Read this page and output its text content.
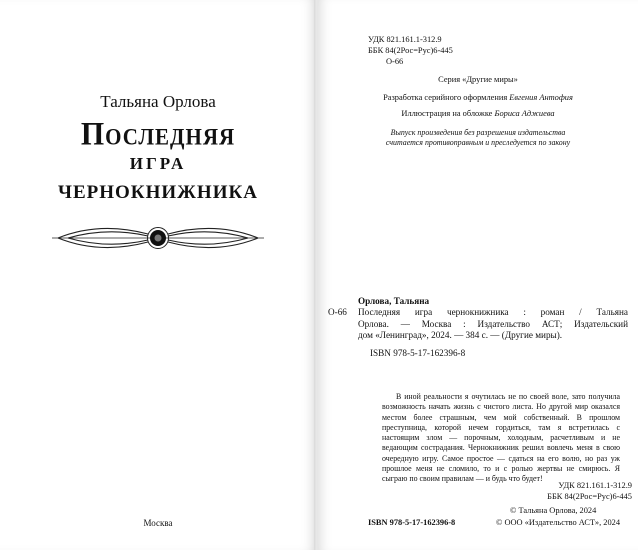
Тальяна Орлова
Последняя
игра
чернокнижника
Москва
УДК 821.161.1-312.9
ББК 84(2Рос=Рус)6-445
О-66
Серия «Другие миры»
Разработка серийного оформления Евгения Антофия
Иллюстрация на обложке Бориса Аджиева
Выпуск произведения без разрешения издательства
считается противоправным и преследуется по закону
Орлова, Тальяна
О-66	Последняя игра чернокнижника : роман / Тальяна
Орлова. — Москва : Издательство АСТ; Издательский
дом «Ленинград», 2024. — 384 с. — (Другие миры).
ISBN 978-5-17-162396-8

В иной реальности я очутилась не по своей воле, зато получила возможность начать жизнь с чистого листа. Но другой мир оказался местом более страшным, чем мой собственный. В прошлом преступница, которой нечем гордиться, там я встретилась с настоящим злом — порочным, холодным, расчетливым и не ведающим сострадания. Чернокнижник решил вовлечь меня в свою очередную игру. Самое простое — сдаться на его волю, но раз уж прошлое меня не сломило, то и с ролью жертвы не смирюсь. Я сыграю по своим правилам — и будь что будет!

УДК 821.161.1-312.9
ББК 84(2Рос=Рус)6-445
© Тальяна Орлова, 2024
ISBN 978-5-17-162396-8	© ООО «Издательство АСТ», 2024
